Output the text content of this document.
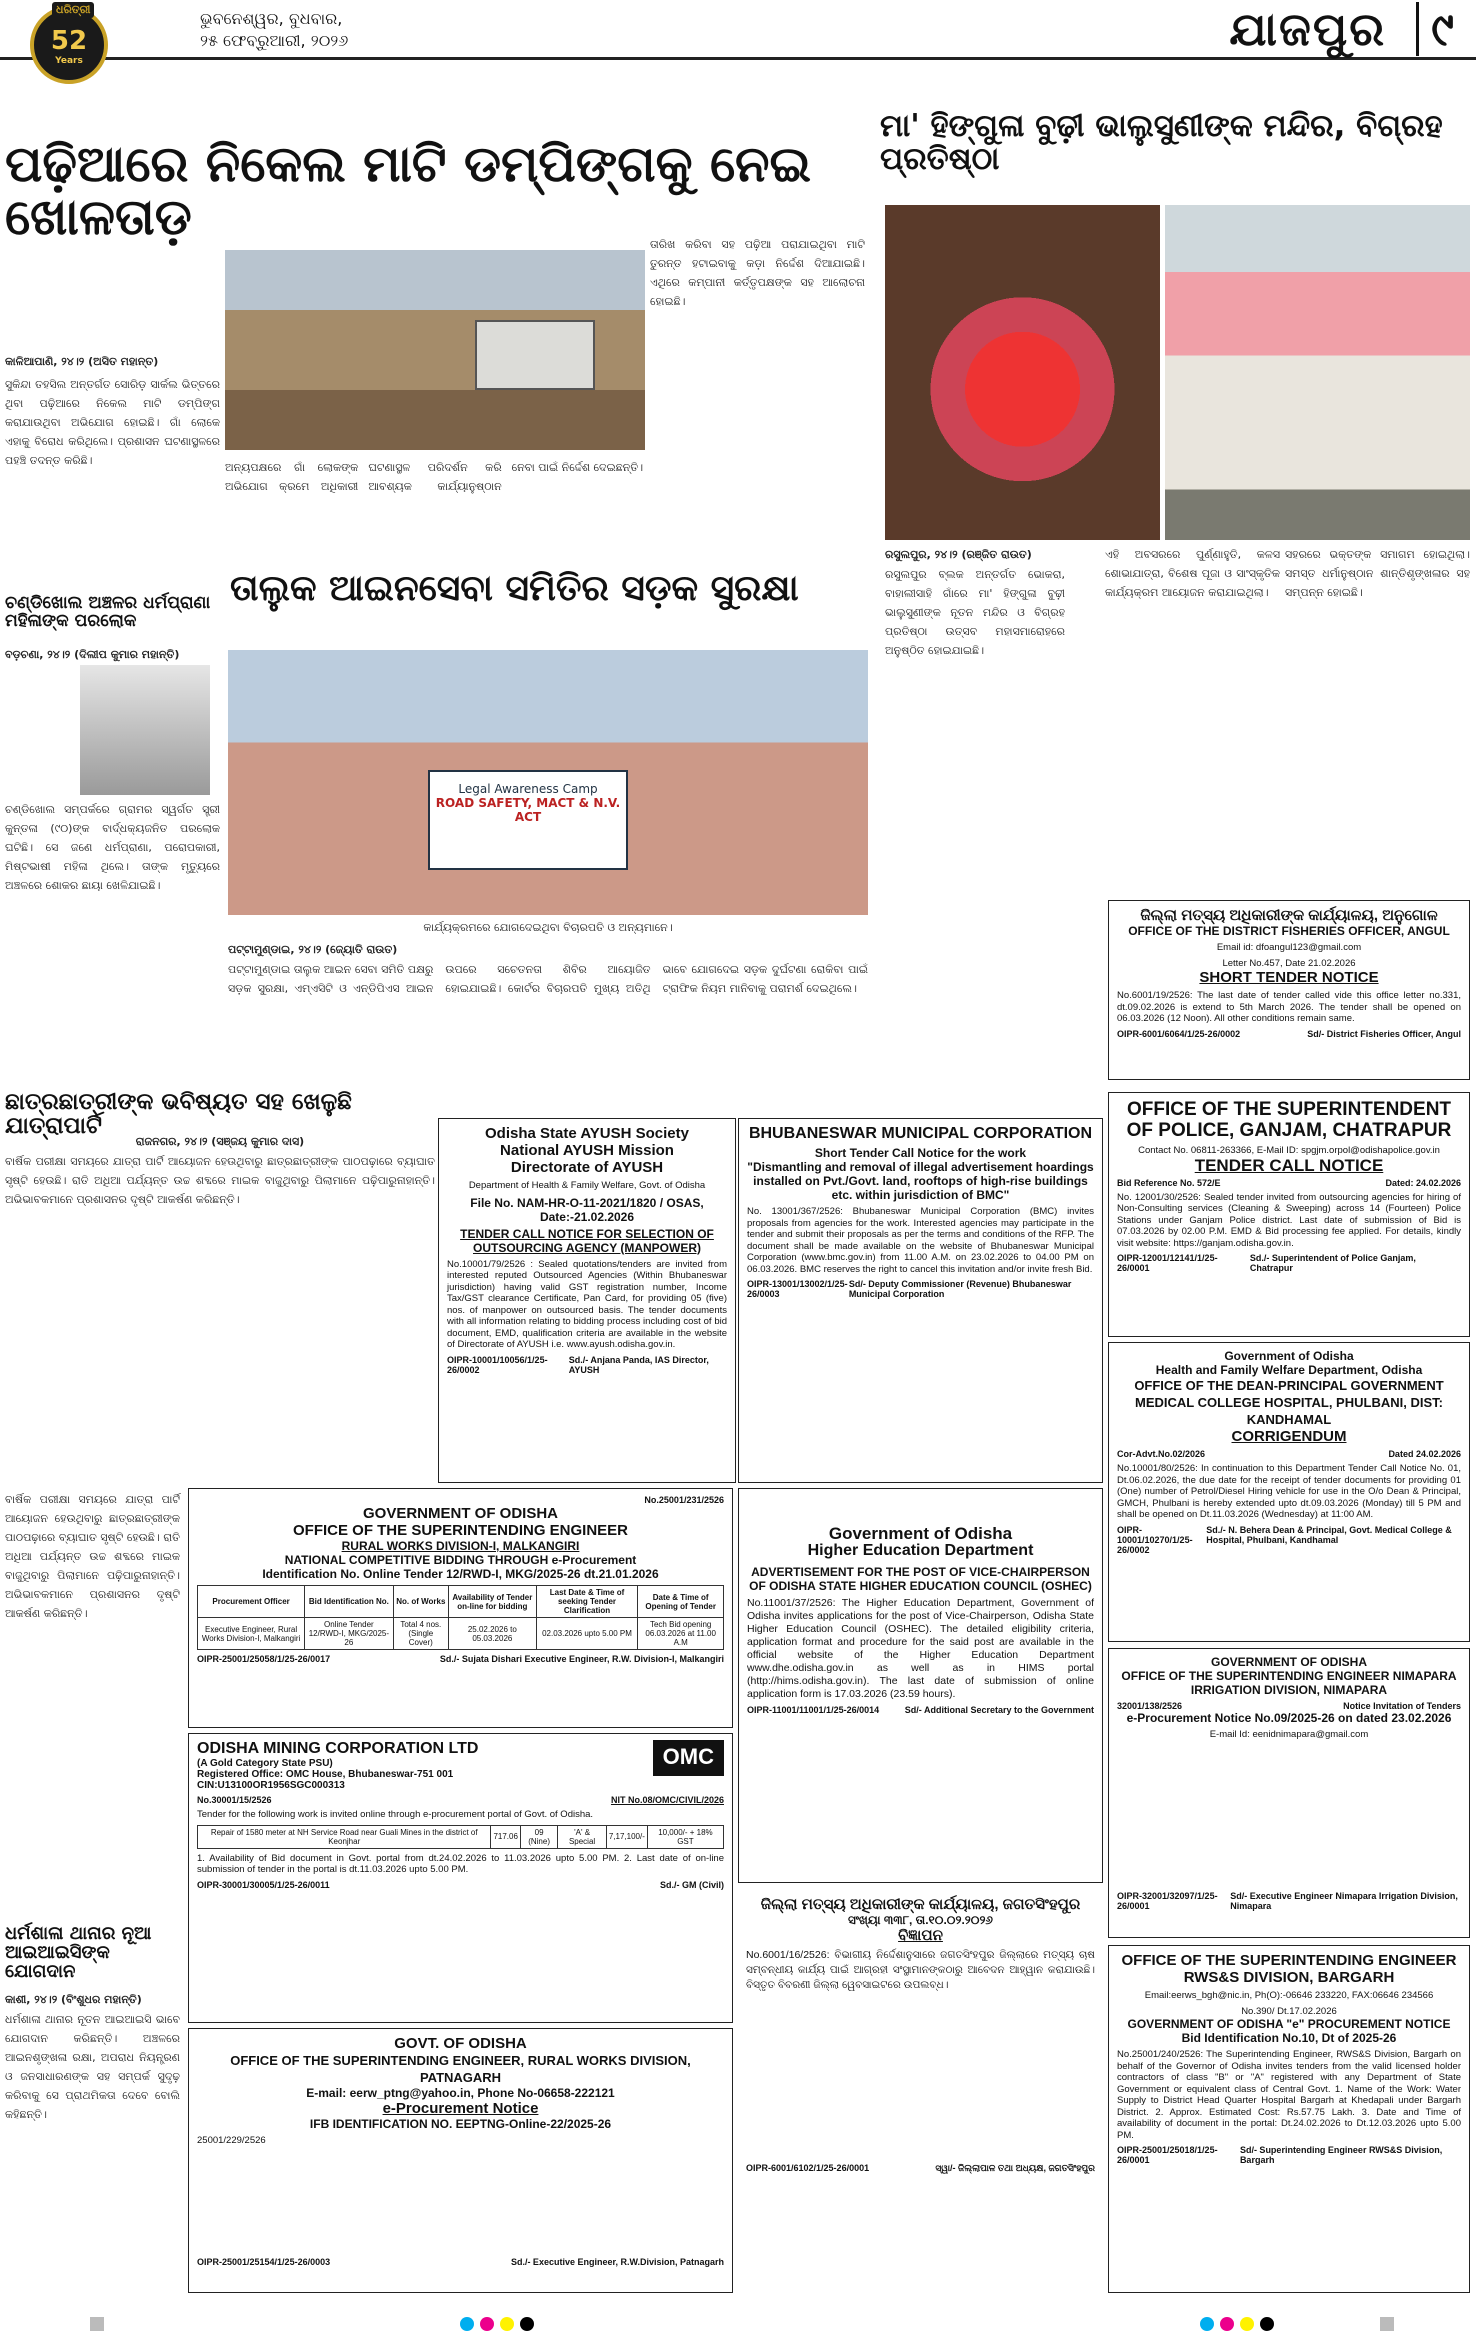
52
Years
ଧରିତ୍ରୀ	ଭୁବନେଶ୍ୱର, ବୁଧବାର,
୨୫ ଫେବ୍ରୁଆରୀ, ୨୦୨୬	ଯାଜପୁର ୯
ପଢ଼ିଆରେ ନିକେଲ ମାଟି ଡମ୍ପିଙ୍ଗକୁ ନେଇ ଖୋଳତାଡ଼
କାଳିଆପାଣି, ୨୪।୨ (ଅସିତ ମହାନ୍ତ)
ସୁକିନ୍ଦା ତହସିଲ ଅନ୍ତର୍ଗତ ସୋରିଡ଼ ସାର୍କଲ ଭିତ୍ତରେ ଥିବା ପଢ଼ିଆରେ ନିକେଲ ମାଟି ଡମ୍ପିଙ୍ଗ କରାଯାଉଥିବା ଅଭିଯୋଗ ହୋଇଛି। ଗାଁ ଲୋକେ ଏହାକୁ ବିରୋଧ କରିଥିଲେ। ପ୍ରଶାସନ ଘଟଣାସ୍ଥଳରେ ପହଞ୍ଚି ତଦନ୍ତ କରିଛି।
ଅନ୍ୟପକ୍ଷରେ ଗାଁ ଲୋକଙ୍କ ଅଭିଯୋଗ କ୍ରମେ ଅଧିକାରୀ ଘଟଣାସ୍ଥଳ ପରିଦର୍ଶନ କରି ଆବଶ୍ୟକ କାର୍ଯ୍ୟାନୁଷ୍ଠାନ ନେବା ପାଇଁ ନିର୍ଦ୍ଦେଶ ଦେଇଛନ୍ତି।
ତାରିଖ କରିବା ସହ ପଢ଼ିଆ ପରାଯାଇଥିବା ମାଟି ତୁରନ୍ତ ହଟାଇବାକୁ କଡ଼ା ନିର୍ଦ୍ଦେଶ ଦିଆଯାଇଛି। ଏଥିରେ କମ୍ପାନୀ କର୍ତ୍ତୃପକ୍ଷଙ୍କ ସହ ଆଲୋଚନା ହୋଇଛି।
ମା' ହିଙ୍ଗୁଳା ବୁଢ଼ୀ ଭାଲୁସୁଣୀଙ୍କ ମନ୍ଦିର, ବିଗ୍ରହ ପ୍ରତିଷ୍ଠା
ରସୁଲପୁର, ୨୪।୨ (ରଞ୍ଜିତ ରାଉତ)
ରସୁଲପୁର ବ୍ଲକ ଅନ୍ତର୍ଗତ ଭୋକରା, ବାହାଲୀସାହି ଗାଁରେ ମା' ହିଙ୍ଗୁଳା ବୁଢ଼ୀ ଭାଲୁସୁଣୀଙ୍କ ନୂତନ ମନ୍ଦିର ଓ ବିଗ୍ରହ ପ୍ରତିଷ୍ଠା ଉତ୍ସବ ମହାସମାରୋହରେ ଅନୁଷ୍ଠିତ ହୋଇଯାଇଛି।
ଏହି ଅବସରରେ ପୁର୍ଣ୍ଣାହୁତି, କଳସ ଶୋଭାଯାତ୍ରା, ବିଶେଷ ପୂଜା ଓ ସାଂସ୍କୃତିକ କାର୍ଯ୍ୟକ୍ରମ ଆୟୋଜନ କରାଯାଇଥିଲା।
ସହରରେ ଭକ୍ତଙ୍କ ସମାଗମ ହୋଇଥିଲା। ସମସ୍ତ ଧର୍ମାନୁଷ୍ଠାନ ଶାନ୍ତିଶୃଙ୍ଖଳାର ସହ ସମ୍ପନ୍ନ ହୋଇଛି।
ଚଣ୍ଡିଖୋଲ ଅଞ୍ଚଳର ଧର୍ମପ୍ରାଣା ମହିଳାଙ୍କ ପରଲୋକ
ବଡ଼ଚଣା, ୨୪।୨ (ଦିଲୀପ କୁମାର ମହାନ୍ତି)
ଚଣ୍ଡିଖୋଲ ସମ୍ପର୍କରେ ଗ୍ରାମର ସ୍ୱର୍ଗତ ସ୍ତ୍ରୀ କୁନ୍ତଳା (୯୦)ଙ୍କ ବାର୍ଦ୍ଧକ୍ୟଜନିତ ପରଲୋକ ଘଟିଛି। ସେ ଜଣେ ଧର୍ମପ୍ରାଣା, ପରୋପକାରୀ, ମିଷ୍ଟଭାଷୀ ମହିଳା ଥିଲେ। ତାଙ୍କ ମୃତ୍ୟୁରେ ଅଞ୍ଚଳରେ ଶୋକର ଛାୟା ଖେଳିଯାଇଛି।
ତାଲୁକ ଆଇନସେବା ସମିତିର ସଡ଼କ ସୁରକ୍ଷା
Legal Awareness Camp
ROAD SAFETY, MACT & N.V. ACT
କାର୍ଯ୍ୟକ୍ରମରେ ଯୋଗଦେଇଥିବା ବିଚାରପତି ଓ ଅନ୍ୟମାନେ।
ପଟ୍ଟାମୁଣ୍ଡାଇ, ୨୪।୨ (ଜ୍ୟୋତି ରାଉତ)
ପଟ୍ଟାମୁଣ୍ଡାଇ ତାଲୁକ ଆଇନ ସେବା ସମିତି ପକ୍ଷରୁ ସଡ଼କ ସୁରକ୍ଷା, ଏମ୍ଏସିଟି ଓ ଏନ୍ଡିପିଏସ ଆଇନ ଉପରେ ସଚେତନତା ଶିବିର ଆୟୋଜିତ ହୋଇଯାଇଛି। କୋର୍ଟର ବିଚାରପତି ମୁଖ୍ୟ ଅତିଥି ଭାବେ ଯୋଗଦେଇ ସଡ଼କ ଦୁର୍ଘଟଣା ରୋକିବା ପାଇଁ ଟ୍ରାଫିକ ନିୟମ ମାନିବାକୁ ପରାମର୍ଶ ଦେଇଥିଲେ।
ଛାତ୍ରଛାତ୍ରୀଙ୍କ ଭବିଷ୍ୟତ ସହ ଖେଳୁଛି ଯାତ୍ରାପାର୍ଟି
ରାଜନଗର, ୨୪।୨ (ସଞ୍ଜୟ କୁମାର ଦାସ)
ବାର୍ଷିକ ପରୀକ୍ଷା ସମୟରେ ଯାତ୍ରା ପାର୍ଟି ଆୟୋଜନ ହେଉଥିବାରୁ ଛାତ୍ରଛାତ୍ରୀଙ୍କ ପାଠପଢ଼ାରେ ବ୍ୟାଘାତ ସୃଷ୍ଟି ହେଉଛି। ରାତି ଅଧିଆ ପର୍ଯ୍ୟନ୍ତ ଉଚ୍ଚ ଶବ୍ଦରେ ମାଇକ ବାଜୁଥିବାରୁ ପିଲାମାନେ ପଢ଼ିପାରୁନାହାନ୍ତି। ଅଭିଭାବକମାନେ ପ୍ରଶାସନର ଦୃଷ୍ଟି ଆକର୍ଷଣ କରିଛନ୍ତି।
ବାର୍ଷିକ ପରୀକ୍ଷା ସମୟରେ ଯାତ୍ରା ପାର୍ଟି ଆୟୋଜନ ହେଉଥିବାରୁ ଛାତ୍ରଛାତ୍ରୀଙ୍କ ପାଠପଢ଼ାରେ ବ୍ୟାଘାତ ସୃଷ୍ଟି ହେଉଛି। ରାତି ଅଧିଆ ପର୍ଯ୍ୟନ୍ତ ଉଚ୍ଚ ଶବ୍ଦରେ ମାଇକ ବାଜୁଥିବାରୁ ପିଲାମାନେ ପଢ଼ିପାରୁନାହାନ୍ତି। ଅଭିଭାବକମାନେ ପ୍ରଶାସନର ଦୃଷ୍ଟି ଆକର୍ଷଣ କରିଛନ୍ତି।
ଧର୍ମଶାଳା ଥାନାର ନୂଆ ଆଇଆଇସିଙ୍କ ଯୋଗଦାନ
କାଶୀ, ୨୪।୨ (ବିଂଶୁଧର ମହାନ୍ତି)
ଧର୍ମଶାଳା ଥାନାର ନୂତନ ଆଇଆଇସି ଭାବେ ଯୋଗଦାନ କରିଛନ୍ତି। ଅଞ୍ଚଳରେ ଆଇନଶୃଙ୍ଖଳା ରକ୍ଷା, ଅପରାଧ ନିୟନ୍ତ୍ରଣ ଓ ଜନସାଧାରଣଙ୍କ ସହ ସମ୍ପର୍କ ସୁଦୃଢ଼ କରିବାକୁ ସେ ପ୍ରାଥମିକତା ଦେବେ ବୋଲି କହିଛନ୍ତି।
Odisha State AYUSH Society
National AYUSH Mission
Directorate of AYUSH
Department of Health & Family Welfare, Govt. of Odisha
File No. NAM-HR-O-11-2021/1820 / OSAS, Date:-21.02.2026
TENDER CALL NOTICE FOR SELECTION OF OUTSOURCING AGENCY (MANPOWER)
No.10001/79/2526 : Sealed quotations/tenders are invited from interested reputed Outsourced Agencies (Within Bhubaneswar jurisdiction) having valid GST registration number, Income Tax/GST clearance Certificate, Pan Card, for providing 05 (five) nos. of manpower on outsourced basis. The tender documents with all information relating to bidding process including cost of bid document, EMD, qualification criteria are available in the website of Directorate of AYUSH i.e. www.ayush.odisha.gov.in.
OIPR-10001/10056/1/25-26/0002
Sd./- Anjana Panda, IAS Director, AYUSH
BHUBANESWAR MUNICIPAL CORPORATION
Short Tender Call Notice for the work
"Dismantling and removal of illegal advertisement hoardings installed on Pvt./Govt. land, rooftops of high-rise buildings etc. within jurisdiction of BMC"
No. 13001/367/2526: Bhubaneswar Municipal Corporation (BMC) invites proposals from agencies for the work. Interested agencies may participate in the tender and submit their proposals as per the terms and conditions of the RFP. The document shall be made available on the website of Bhubaneswar Municipal Corporation (www.bmc.gov.in) from 11.00 A.M. on 23.02.2026 to 04.00 PM on 06.03.2026. BMC reserves the right to cancel this invitation and/or invite fresh Bid.
OIPR-13001/13002/1/25-26/0003
Sd/- Deputy Commissioner (Revenue) Bhubaneswar Municipal Corporation
ଜିଲ୍ଲା ମତ୍ସ୍ୟ ଅଧିକାରୀଙ୍କ କାର୍ଯ୍ୟାଳୟ, ଅନୁଗୋଳ
OFFICE OF THE DISTRICT FISHERIES OFFICER, ANGUL
Email id: dfoangul123@gmail.com
Letter No.457, Date 21.02.2026
SHORT TENDER NOTICE
No.6001/19/2526: The last date of tender called vide this office letter no.331, dt.09.02.2026 is extend to 5th March 2026. The tender shall be opened on 06.03.2026 (12 Noon). All other conditions remain same.
OIPR-6001/6064/1/25-26/0002	Sd/- District Fisheries Officer, Angul
OFFICE OF THE SUPERINTENDENT OF POLICE, GANJAM, CHATRAPUR
Contact No. 06811-263366, E-Mail ID: spgjm.orpol@odishapolice.gov.in
TENDER CALL NOTICE
Bid Reference No. 572/E	Dated: 24.02.2026
No. 12001/30/2526: Sealed tender invited from outsourcing agencies for hiring of Non-Consulting services (Cleaning & Sweeping) across 14 (Fourteen) Police Stations under Ganjam Police district. Last date of submission of Bid is 07.03.2026 by 02.00 P.M. EMD & Bid processing fee applied. For details, kindly visit website: https://ganjam.odisha.gov.in.
OIPR-12001/12141/1/25-26/0001
Sd./- Superintendent of Police Ganjam, Chatrapur
No.25001/231/2526
GOVERNMENT OF ODISHA
OFFICE OF THE SUPERINTENDING ENGINEER
RURAL WORKS DIVISION-I, MALKANGIRI
NATIONAL COMPETITIVE BIDDING THROUGH e-Procurement
Identification No. Online Tender 12/RWD-I, MKG/2025-26 dt.21.01.2026
Procurement Officer	Bid Identification No.	No. of Works	Availability of Tender on-line for bidding	Last Date & Time of seeking Tender Clarification	Date & Time of Opening of Tender
Executive Engineer, Rural Works Division-I, Malkangiri	Online Tender 12/RWD-I, MKG/2025-26	Total 4 nos. (Single Cover)	25.02.2026 to 05.03.2026	02.03.2026 upto 5.00 PM	Tech Bid opening 06.03.2026 at 11.00 A.M
OIPR-25001/25058/1/25-26/0017	Sd./- Sujata Dishari Executive Engineer, R.W. Division-I, Malkangiri
Government of Odisha
Higher Education Department
ADVERTISEMENT FOR THE POST OF VICE-CHAIRPERSON OF ODISHA STATE HIGHER EDUCATION COUNCIL (OSHEC)
No.11001/37/2526: The Higher Education Department, Government of Odisha invites applications for the post of Vice-Chairperson, Odisha State Higher Education Council (OSHEC). The detailed eligibility criteria, application format and procedure for the said post are available in the official website of the Higher Education Department www.dhe.odisha.gov.in as well as in HIMS portal (http://hims.odisha.gov.in). The last date of submission of online application form is 17.03.2026 (23.59 hours).
OIPR-11001/11001/1/25-26/0014	Sd/- Additional Secretary to the Government
Government of Odisha
Health and Family Welfare Department, Odisha
OFFICE OF THE DEAN-PRINCIPAL GOVERNMENT MEDICAL COLLEGE HOSPITAL, PHULBANI, DIST: KANDHAMAL
CORRIGENDUM
Cor-Advt.No.02/2026	Dated 24.02.2026
No.10001/80/2526: In continuation to this Department Tender Call Notice No. 01, Dt.06.02.2026, the due date for the receipt of tender documents for providing 01 (One) number of Petrol/Diesel Hiring vehicle for use in the O/o Dean & Principal, GMCH, Phulbani is hereby extended upto dt.09.03.2026 (Monday) till 5 PM and shall be opened on Dt.11.03.2026 (Wednesday) at 11:00 AM.
OIPR-10001/10270/1/25-26/0002
Sd./- N. Behera Dean & Principal, Govt. Medical College & Hospital, Phulbani, Kandhamal
ODISHA MINING CORPORATION LTD
(A Gold Category State PSU)
Registered Office: OMC House, Bhubaneswar-751 001
CIN:U13100OR1956SGC000313
OMC
No.30001/15/2526	NIT No.08/OMC/CIVIL/2026
Tender for the following work is invited online through e-procurement portal of Govt. of Odisha.
Repair of 1580 meter at NH Service Road near Guali Mines in the district of Keonjhar	717.06	09 (Nine)	'A' & Special	7,17,100/-	10,000/- + 18% GST
1. Availability of Bid document in Govt. portal from dt.24.02.2026 to 11.03.2026 upto 5.00 PM. 2. Last date of on-line submission of tender in the portal is dt.11.03.2026 upto 5.00 PM.
OIPR-30001/30005/1/25-26/0011	Sd./- GM (Civil)
ଜିଲ୍ଲା ମତ୍ସ୍ୟ ଅଧିକାରୀଙ୍କ କାର୍ଯ୍ୟାଳୟ, ଜଗତସିଂହପୁର
ସଂଖ୍ୟା ୩୩୮, ତା.୧୦.୦୨.୨୦୨୬
ବିଜ୍ଞାପନ
No.6001/16/2526: ବିଭାଗୀୟ ନିର୍ଦ୍ଦେଶାନୁସାରେ ଜଗତସିଂହପୁର ଜିଲ୍ଲାରେ ମତ୍ସ୍ୟ ଚାଷ ସମ୍ବନ୍ଧୀୟ କାର୍ଯ୍ୟ ପାଇଁ ଆଗ୍ରହୀ ସଂସ୍ଥାମାନଙ୍କଠାରୁ ଆବେଦନ ଆହ୍ୱାନ କରାଯାଉଛି। ବିସ୍ତୃତ ବିବରଣୀ ଜିଲ୍ଲା ୱେବସାଇଟରେ ଉପଲବ୍ଧ।
OIPR-6001/6102/1/25-26/0001	ସ୍ୱା/- ଜିଲ୍ଲାପାଳ ତଥା ଅଧ୍ୟକ୍ଷ, ଜଗତସିଂହପୁର
GOVERNMENT OF ODISHA
OFFICE OF THE SUPERINTENDING ENGINEER NIMAPARA IRRIGATION DIVISION, NIMAPARA
32001/138/2526	Notice Invitation of Tenders
e-Procurement Notice No.09/2025-26 on dated 23.02.2026
E-mail Id: eenidnimapara@gmail.com
OIPR-32001/32097/1/25-26/0001
Sd/- Executive Engineer Nimapara Irrigation Division, Nimapara
GOVT. OF ODISHA
OFFICE OF THE SUPERINTENDING ENGINEER, RURAL WORKS DIVISION, PATNAGARH
E-mail: eerw_ptng@yahoo.in, Phone No-06658-222121
e-Procurement Notice
IFB IDENTIFICATION NO. EEPTNG-Online-22/2025-26
25001/229/2526
OIPR-25001/25154/1/25-26/0003	Sd./- Executive Engineer, R.W.Division, Patnagarh
OFFICE OF THE SUPERINTENDING ENGINEER RWS&S DIVISION, BARGARH
Email:eerws_bgh@nic.in, Ph(O):-06646 233220, FAX:06646 234566
No.390/ Dt.17.02.2026
GOVERNMENT OF ODISHA "e" PROCUREMENT NOTICE
Bid Identification No.10, Dt of 2025-26
No.25001/240/2526: The Superintending Engineer, RWS&S Division, Bargarh on behalf of the Governor of Odisha invites tenders from the valid licensed holder contractors of class "B" or "A" registered with any Department of State Government or equivalent class of Central Govt. 1. Name of the Work: Water Supply to District Head Quarter Hospital Bargarh at Khedapali under Bargarh District. 2. Approx. Estimated Cost: Rs.57.75 Lakh. 3. Date and Time of availability of document in the portal: Dt.24.02.2026 to Dt.12.03.2026 upto 5.00 PM.
OIPR-25001/25018/1/25-26/0001
Sd/- Superintending Engineer RWS&S Division, Bargarh
